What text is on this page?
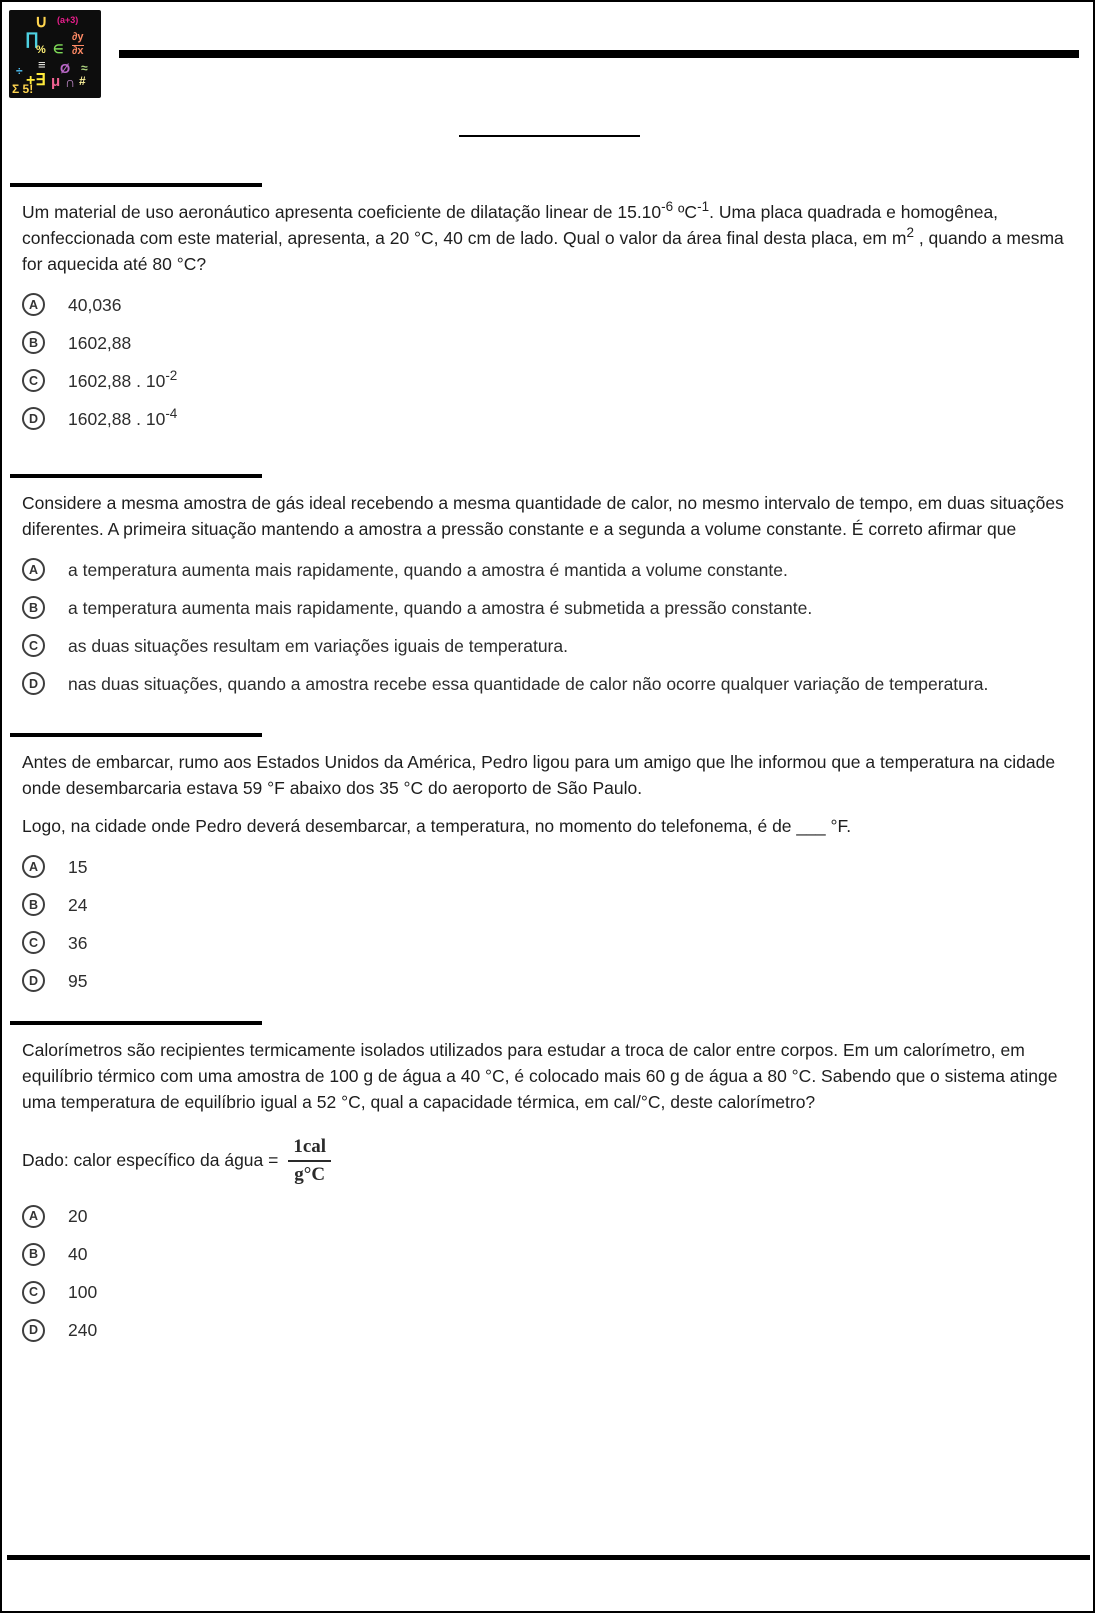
∪ (a+3)
∏
% ∈
∂y
∂x
≡ Ø ≈
÷
+∃ μ ∩ #
Σ 5!

Um material de uso aeronáutico apresenta coeficiente de dilatação linear de $15.10^{-6}$ ºC$^{-1}$. Uma placa quadrada e homogênea, confeccionada com este material, apresenta, a 20 °C, 40 cm de lado. Qual o valor da área final desta placa, em $m^2$ , quando a mesma for aquecida até 80 °C?

A	40,036
B	1602,88
C	1602,88 . $10^{-2}$
D	1602,88 . $10^{-4}$

Considere a mesma amostra de gás ideal recebendo a mesma quantidade de calor, no mesmo intervalo de tempo, em duas situações diferentes. A primeira situação mantendo a amostra a pressão constante e a segunda a volume constante. É correto afirmar que

A	a temperatura aumenta mais rapidamente, quando a amostra é mantida a volume constante.
B	a temperatura aumenta mais rapidamente, quando a amostra é submetida a pressão constante.
C	as duas situações resultam em variações iguais de temperatura.
D	nas duas situações, quando a amostra recebe essa quantidade de calor não ocorre qualquer variação de temperatura.

Antes de embarcar, rumo aos Estados Unidos da América, Pedro ligou para um amigo que lhe informou que a temperatura na cidade onde desembarcaria estava 59 °F abaixo dos 35 °C do aeroporto de São Paulo.

Logo, na cidade onde Pedro deverá desembarcar, a temperatura, no momento do telefonema, é de ___ °F.

A	15
B	24
C	36
D	95

Calorímetros são recipientes termicamente isolados utilizados para estudar a troca de calor entre corpos. Em um calorímetro, em equilíbrio térmico com uma amostra de 100 g de água a 40 °C, é colocado mais 60 g de água a 80 °C. Sabendo que o sistema atinge uma temperatura de equilíbrio igual a 52 °C, qual a capacidade térmica, em cal/°C, deste calorímetro?

Dado: calor específico da água = $\frac{\text{1cal}}{g^\circ C}$
A	20
B	40
C	100
D	240
